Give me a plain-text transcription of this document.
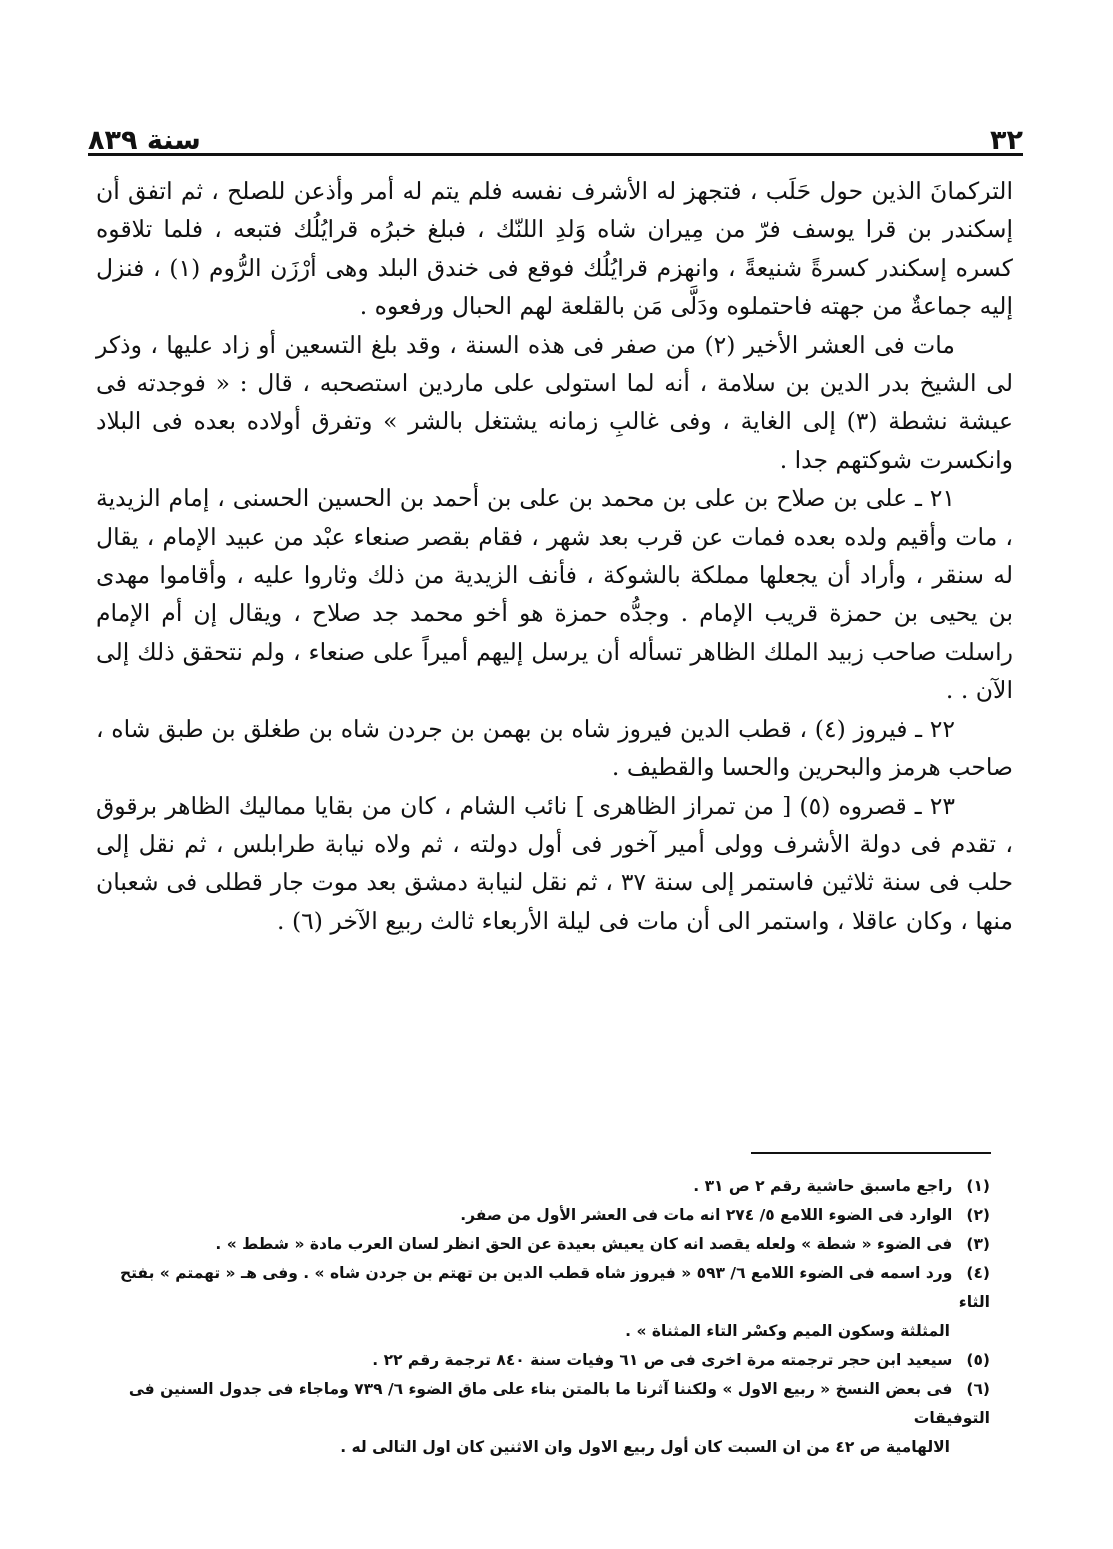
٣٢
سنة ٨٣٩

التركمانَ الذين حول حَلَب ، فتجهز له الأشرف نفسه فلم يتم له أمر وأذعن للصلح ، ثم اتفق أن إسكندر بن قرا يوسف فرّ من مِيران شاه وَلدِ اللنّك ، فبلغ خبرُه قرايُلُك فتبعه ، فلما تلاقوه كسره إسكندر كسرةً شنيعةً ، وانهزم قرايُلُك فوقع فى خندق البلد وهى أرْزَن الرُّوم (١) ، فنزل إليه جماعةٌ من جهته فاحتملوه ودَلَّى مَن بالقلعة لهم الحبال ورفعوه .

مات فى العشر الأخير (٢) من صفر فى هذه السنة ، وقد بلغ التسعين أو زاد عليها ، وذكر لى الشيخ بدر الدين بن سلامة ، أنه لما استولى على ماردين استصحبه ، قال : « فوجدته فى عيشة نشطة (٣) إلى الغاية ، وفى غالبِ زمانه يشتغل بالشر » وتفرق أولاده بعده فى البلاد وانكسرت شوكتهم جدا .

٢١ ـ على بن صلاح بن على بن محمد بن على بن أحمد بن الحسين الحسنى ، إمام الزيدية ، مات وأقيم ولده بعده فمات عن قرب بعد شهر ، فقام بقصر صنعاء عبْد من عبيد الإمام ، يقال له سنقر ، وأراد أن يجعلها مملكة بالشوكة ، فأنف الزيدية من ذلك وثاروا عليه ، وأقاموا مهدى بن يحيى بن حمزة قريب الإمام . وجدُّه حمزة هو أخو محمد جد صلاح ، ويقال إن أم الإمام راسلت صاحب زبيد الملك الظاهر تسأله أن يرسل إليهم أميراً على صنعاء ، ولم نتحقق ذلك إلى الآن . .

٢٢ ـ فيروز (٤) ، قطب الدين فيروز شاه بن بهمن بن جردن شاه بن طغلق بن طبق شاه ، صاحب هرمز والبحرين والحسا والقطيف .

٢٣ ـ قصروه (٥) [ من تمراز الظاهرى ] نائب الشام ، كان من بقايا مماليك الظاهر برقوق ، تقدم فى دولة الأشرف وولى أمير آخور فى أول دولته ، ثم ولاه نيابة طرابلس ، ثم نقل إلى حلب فى سنة ثلاثين فاستمر إلى سنة ٣٧ ، ثم نقل لنيابة دمشق بعد موت جار قطلى فى شعبان منها ، وكان عاقلا ، واستمر الى أن مات فى ليلة الأربعاء ثالث ربيع الآخر (٦) .

(١)راجع ماسبق حاشية رقم ٢ ص ٣١ .

(٢)الوارد فى الضوء اللامع ٥/ ٢٧٤ انه مات فى العشر الأول من صفر.

(٣)فى الضوء « شطة » ولعله يقصد انه كان يعيش بعيدة عن الحق انظر لسان العرب مادة « شطط » .

(٤)ورد اسمه فى الضوء اللامع ٦/ ٥٩٣ « فيروز شاه قطب الدين بن تهتم بن جردن شاه » . وفى هـ « تهمتم » بفتح الثاء
المثلثة وسكون الميم وكسْر التاء المثناة » .

(٥)سيعيد ابن حجر ترجمته مرة اخرى فى ص ٦١ وفيات سنة ٨٤٠ ترجمة رقم ٢٢ .

(٦)فى بعض النسخ « ربيع الاول » ولكننا آثرنا ما بالمتن بناء على ماق الضوء ٦/ ٧٣٩ وماجاء فى جدول السنين فى التوفيقات
الالهامية ص ٤٢ من ان السبت كان أول ربيع الاول وان الاثنين كان اول التالى له .
